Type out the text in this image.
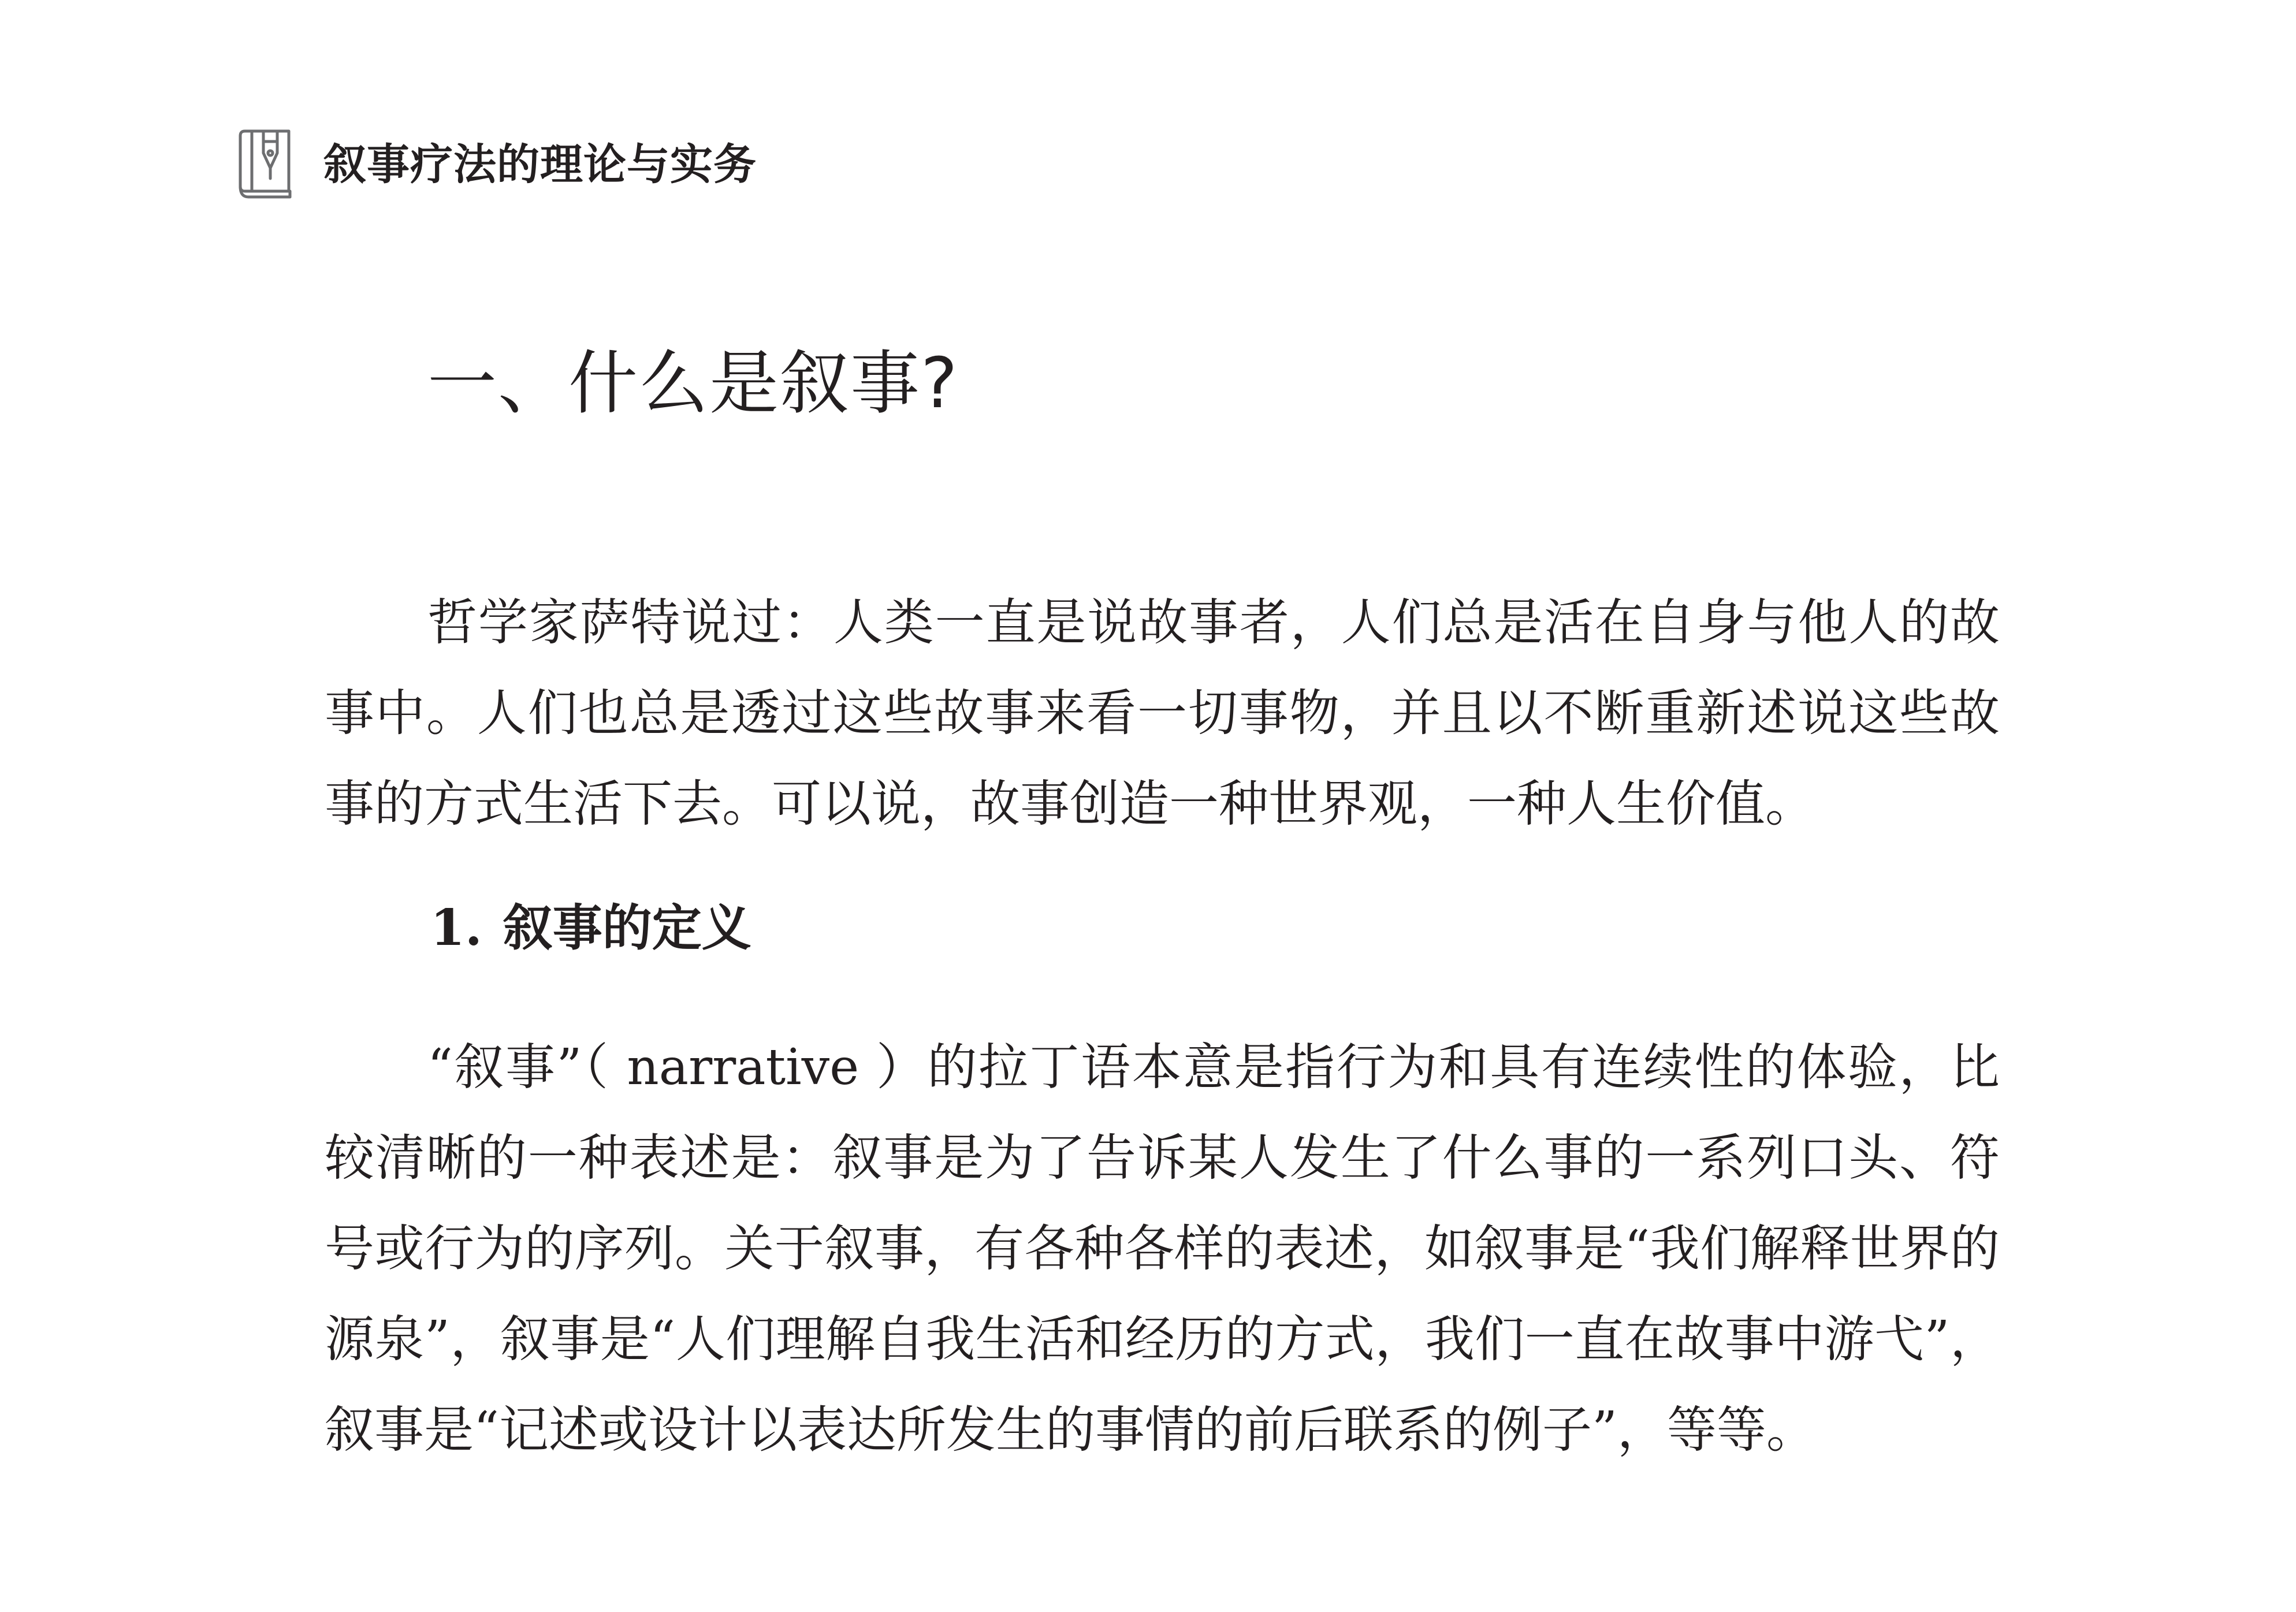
叙事疗法的理论与实务
一、什么是叙事?

哲学家萨特说过：人类一直是说故事者，人们总是活在自身与他人的故事中。人们也总是透过这些故事来看一切事物，并且以不断重新述说这些故事的方式生活下去。可以说，故事创造一种世界观，一种人生价值。

1. 叙事的定义

“叙事”（ narrative ）的拉丁语本意是指行为和具有连续性的体验，比较清晰的一种表述是：叙事是为了告诉某人发生了什么事的一系列口头、符号或行为的序列。关于叙事，有各种各样的表述，如叙事是“我们解释世界的源泉”，叙事是“人们理解自我生活和经历的方式，我们一直在故事中游弋”，叙事是“记述或设计以表达所发生的事情的前后联系的例子”，等等。
